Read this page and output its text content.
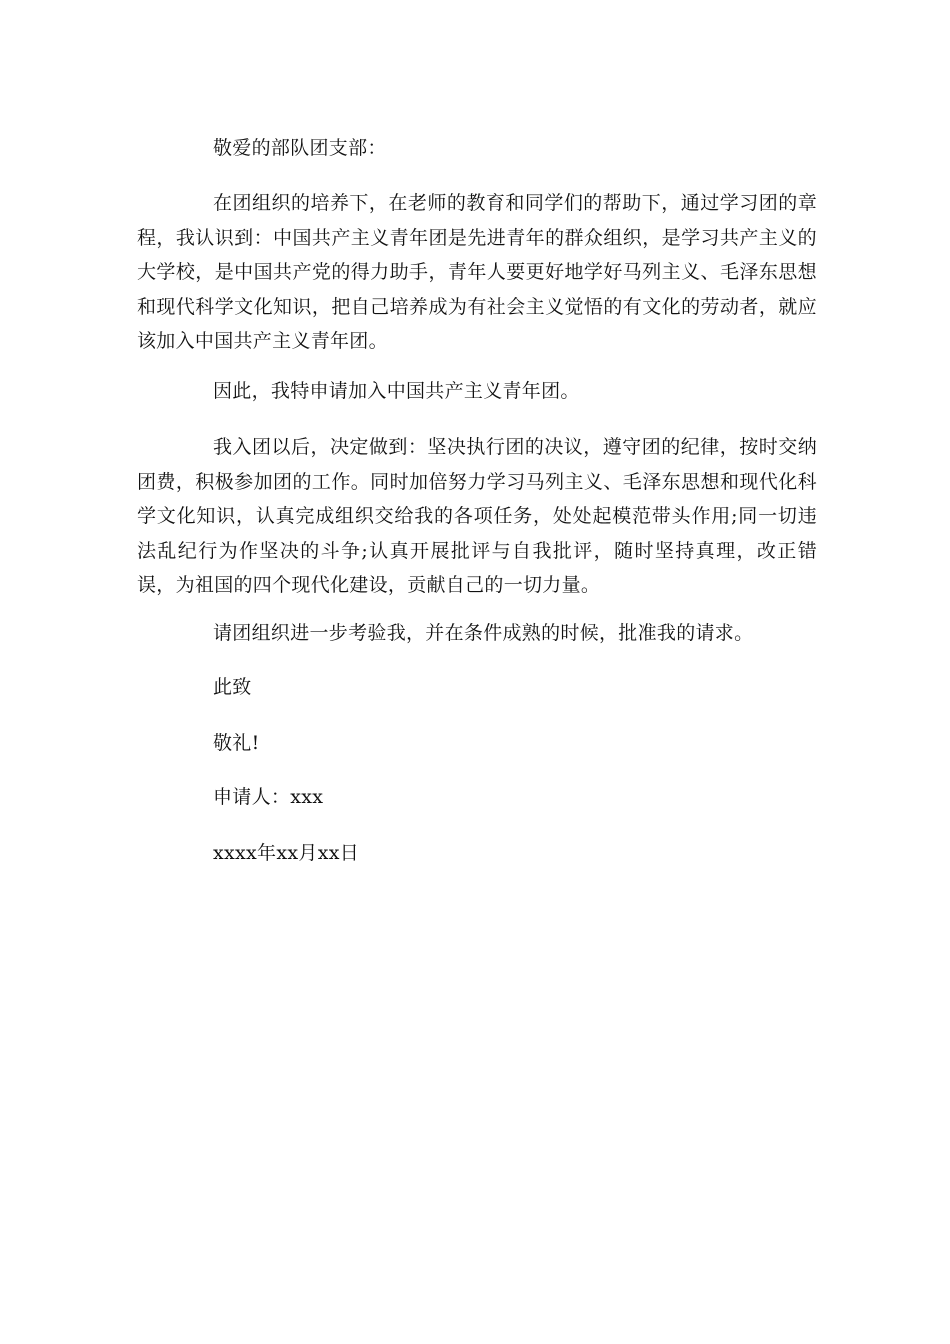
敬爱的部队团支部：

在团组织的培养下，在老师的教育和同学们的帮助下，通过学习团的章程，我认识到：中国共产主义青年团是先进青年的群众组织，是学习共产主义的大学校，是中国共产党的得力助手，青年人要更好地学好马列主义、毛泽东思想和现代科学文化知识，把自己培养成为有社会主义觉悟的有文化的劳动者，就应该加入中国共产主义青年团。

因此，我特申请加入中国共产主义青年团。

我入团以后，决定做到：坚决执行团的决议，遵守团的纪律，按时交纳团费，积极参加团的工作。同时加倍努力学习马列主义、毛泽东思想和现代化科学文化知识，认真完成组织交给我的各项任务，处处起模范带头作用;同一切违法乱纪行为作坚决的斗争;认真开展批评与自我批评，随时坚持真理，改正错误，为祖国的四个现代化建设，贡献自己的一切力量。

请团组织进一步考验我，并在条件成熟的时候，批准我的请求。

此致

敬礼!

申请人：xxx

xxxx年xx月xx日
